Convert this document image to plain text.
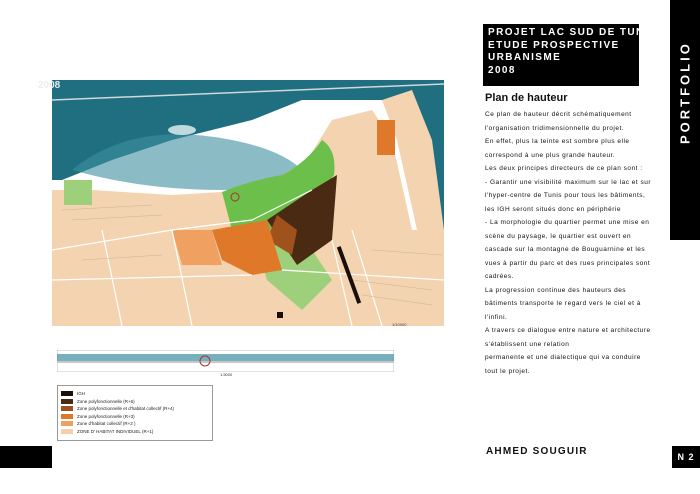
PROJET LAC SUD DE TUNIS
ETUDE PROSPECTIVE
URBANISME
2008	PORTFOLIO
2008
1/10000
1.5000
IGH
Zone polyfonctionnelle (R+6)
Zone polyfonctionnelle et d'habitat collectif (R+4)
Zone polyfonctionnelle (R+3)
Zone d'habitat collectif (R+2 )
ZONE D' HABITAT INDIVIDUEL (R+1)
Plan de hauteur

Ce plan de hauteur décrit schématiquement l'organisation tridimensionnelle du projet.

En effet, plus la teinte est sombre plus elle correspond à une plus grande hauteur.

Les deux principes directeurs de ce plan sont :

- Garantir une visibilité maximum sur le lac et sur l'hyper-centre de Tunis pour tous les bâtiments, les IGH seront situés donc en périphérie

- La morphologie du quartier permet une mise en scène du paysage, le quartier est ouvert en cascade sur la montagne de Bouguarnine et les vues à partir du parc et des rues principales sont cadrées.

La progression continue des hauteurs des bâtiments transporte le regard vers le ciel et à l'infini.

A travers ce dialogue entre nature et architecture s'établissent une relation

permanente et une dialectique qui va conduire tout le projet.

AHMED SOUGUIR	N 2
